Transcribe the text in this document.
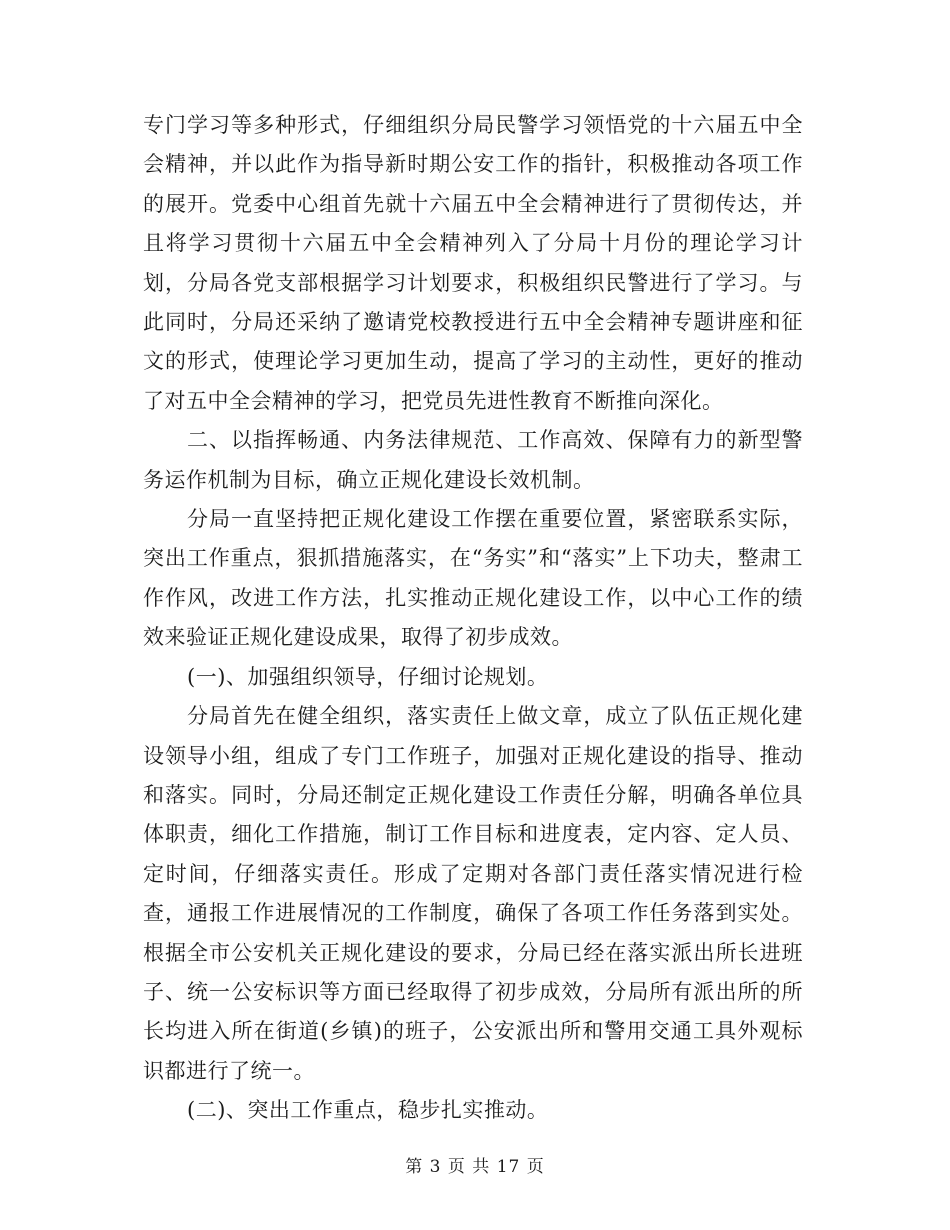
专门学习等多种形式，仔细组织分局民警学习领悟党的十六届五中全会精神，并以此作为指导新时期公安工作的指针，积极推动各项工作的展开。党委中心组首先就十六届五中全会精神进行了贯彻传达，并且将学习贯彻十六届五中全会精神列入了分局十月份的理论学习计划，分局各党支部根据学习计划要求，积极组织民警进行了学习。与此同时，分局还采纳了邀请党校教授进行五中全会精神专题讲座和征文的形式，使理论学习更加生动，提高了学习的主动性，更好的推动了对五中全会精神的学习，把党员先进性教育不断推向深化。

二、以指挥畅通、内务法律规范、工作高效、保障有力的新型警务运作机制为目标，确立正规化建设长效机制。

分局一直坚持把正规化建设工作摆在重要位置，紧密联系实际，突出工作重点，狠抓措施落实，在“务实”和“落实”上下功夫，整肃工作作风，改进工作方法，扎实推动正规化建设工作，以中心工作的绩效来验证正规化建设成果，取得了初步成效。

(一)、加强组织领导，仔细讨论规划。

分局首先在健全组织，落实责任上做文章，成立了队伍正规化建设领导小组，组成了专门工作班子，加强对正规化建设的指导、推动和落实。同时，分局还制定正规化建设工作责任分解，明确各单位具体职责，细化工作措施，制订工作目标和进度表，定内容、定人员、定时间，仔细落实责任。形成了定期对各部门责任落实情况进行检查，通报工作进展情况的工作制度，确保了各项工作任务落到实处。根据全市公安机关正规化建设的要求，分局已经在落实派出所长进班子、统一公安标识等方面已经取得了初步成效，分局所有派出所的所长均进入所在街道(乡镇)的班子，公安派出所和警用交通工具外观标识都进行了统一。

(二)、突出工作重点，稳步扎实推动。

第 3 页 共 17 页
